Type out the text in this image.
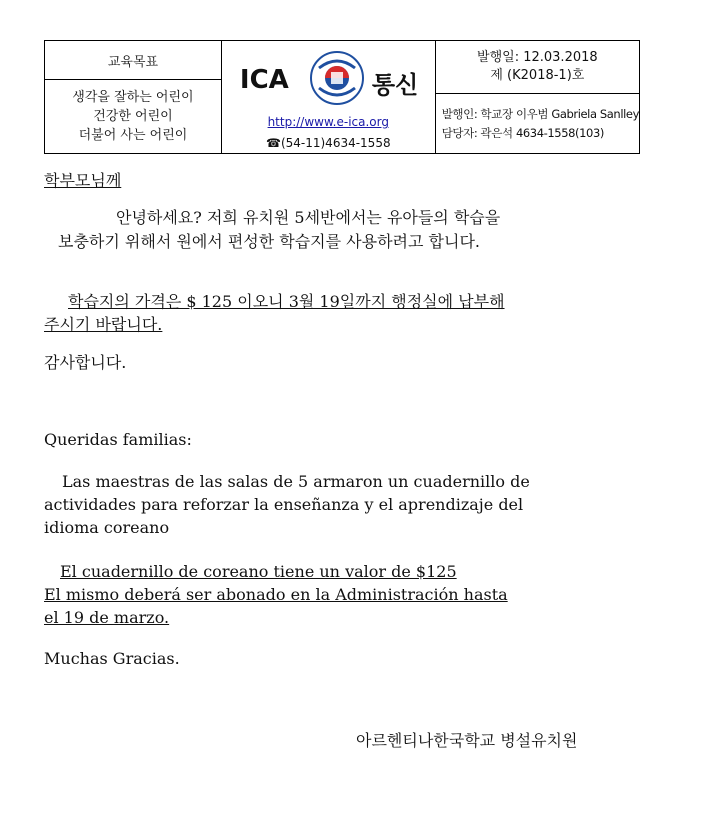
교육목표
생각을 잘하는 어린이
건강한 어린이
더불어 사는 어린이
ICA	통신
http://www.e-ica.org
☎(54-11)4634-1558
발행일: 12.03.2018
제 (K2018-1)호
발행인: 학교장 이우범 Gabriela Sanlley
담당자: 곽은석 4634-1558(103)
학부모님께
안녕하세요? 저희 유치원 5세반에서는 유아들의 학습을
보충하기 위해서 원에서 편성한 학습지를 사용하려고 합니다.
학습지의 가격은 $ 125 이오니 3월 19일까지 행정실에 납부해
주시기 바랍니다.
감사합니다.
Queridas familias:
Las maestras de las salas de 5 armaron un cuadernillo de
actividades para reforzar la enseñanza y el aprendizaje del
idioma coreano
El cuadernillo de coreano tiene un valor de $125
El mismo deberá ser abonado en la Administración hasta
el 19 de marzo.
Muchas Gracias.
아르헨티나한국학교 병설유치원
